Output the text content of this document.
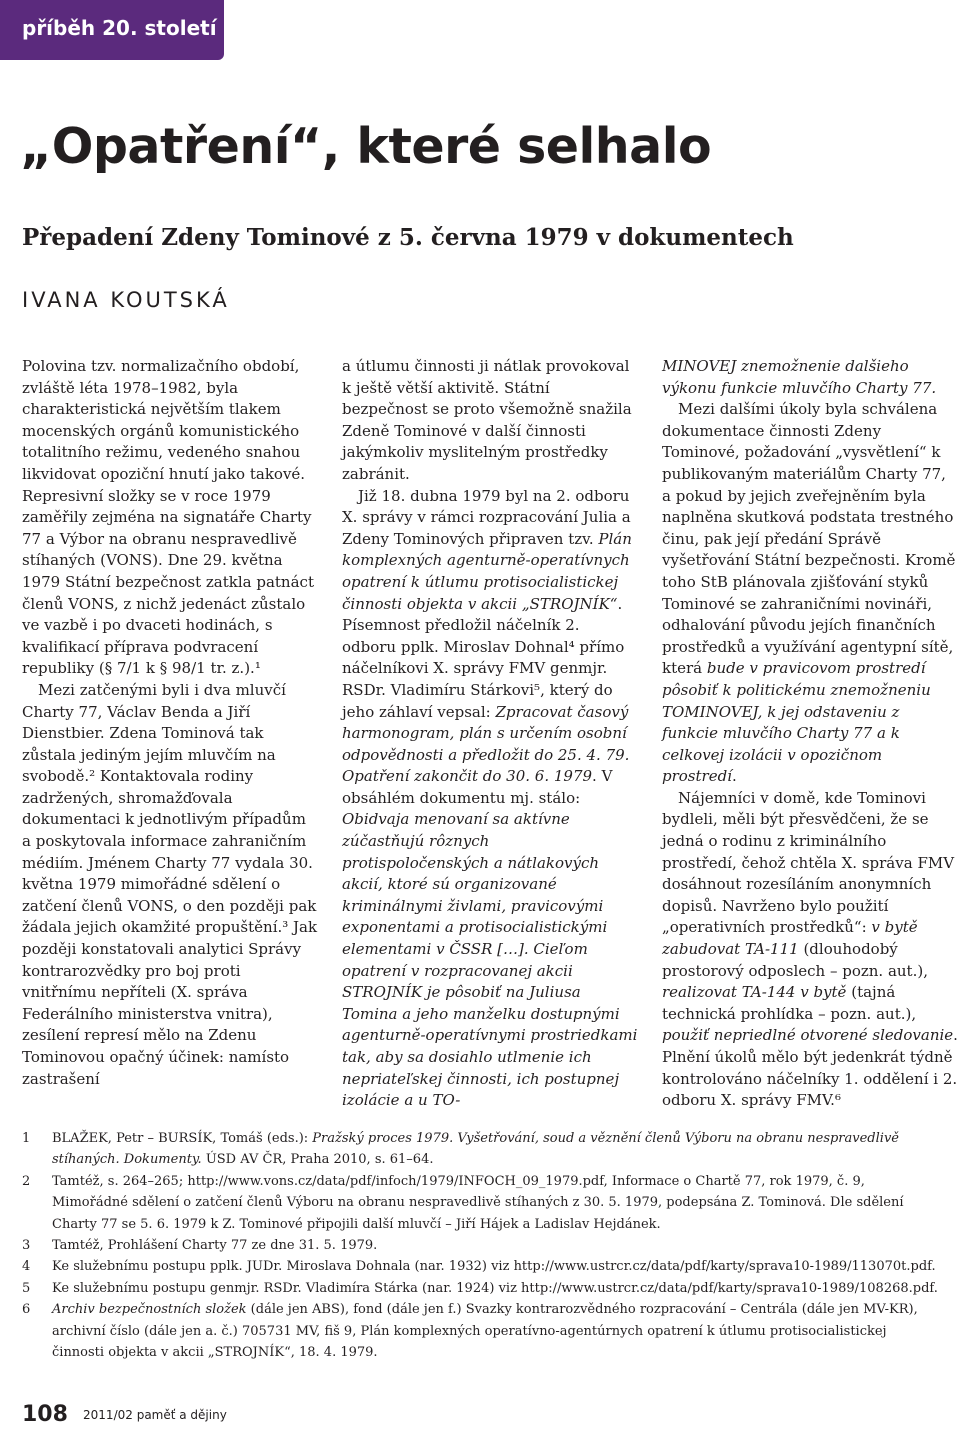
příběh 20. století
„Opatření“, které selhalo
Přepadení Zdeny Tominové z 5. června 1979 v dokumentech
IVANA KOUTSKÁ

Polovina tzv. normalizačního období, zvláště léta 1978–1982, byla charakteristická největším tlakem mocenských orgánů komunistického totalitního režimu, vedeného snahou likvidovat opoziční hnutí jako takové. Represivní složky se v roce 1979 zaměřily zejména na signatáře Charty 77 a Výbor na obranu nespravedlivě stíhaných (VONS). Dne 29. května 1979 Státní bezpečnost zatkla patnáct členů VONS, z nichž jedenáct zůstalo ve vazbě i po dvaceti hodinách, s kvalifikací příprava podvracení republiky (§ 7/1 k § 98/1 tr. z.).¹

Mezi zatčenými byli i dva mluvčí Charty 77, Václav Benda a Jiří Dienstbier. Zdena Tominová tak zůstala jediným jejím mluvčím na svobodě.² Kontaktovala rodiny zadržených, shromažďovala dokumentaci k jednotlivým případům a poskytovala informace zahraničním médiím. Jménem Charty 77 vydala 30. května 1979 mimořádné sdělení o zatčení členů VONS, o den později pak žádala jejich okamžité propuštění.³ Jak později konstatovali analytici Správy kontrarozvědky pro boj proti vnitřnímu nepříteli (X. správa Federálního ministerstva vnitra), zesílení represí mělo na Zdenu Tominovou opačný účinek: namísto zastrašení

a útlumu činnosti ji nátlak provokoval k ještě větší aktivitě. Státní bezpečnost se proto všemožně snažila Zdeně Tominové v další činnosti jakýmkoliv myslitelným prostředky zabránit.

Již 18. dubna 1979 byl na 2. odboru X. správy v rámci rozpracování Julia a Zdeny Tominových připraven tzv. Plán komplexných agenturně-operatívnych opatrení k útlumu protisocialistickej činnosti objekta v akcii „STROJNÍK“. Písemnost předložil náčelník 2. odboru pplk. Miroslav Dohnal⁴ přímo náčelníkovi X. správy FMV genmjr. RSDr. Vladimíru Stárkovi⁵, který do jeho záhlaví vepsal: Zpracovat časový harmonogram, plán s určením osobní odpovědnosti a předložit do 25. 4. 79. Opatření zakončit do 30. 6. 1979. V obsáhlém dokumentu mj. stálo: Obidvaja menovaní sa aktívne zúčastňujú rôznych protispoločenských a nátlakových akcií, ktoré sú organizované kriminálnymi živlami, pravicovými exponentami a protisocialistickými elementami v ČSSR […]. Cieľom opatrení v rozpracovanej akcii STROJNÍK je pôsobiť na Juliusa Tomina a jeho manželku dostupnými agenturně-operatívnymi prostriedkami tak, aby sa dosiahlo utlmenie ich nepriateľskej činnosti, ich postupnej izolácie a u TO-

MINOVEJ znemožnenie dalšieho výkonu funkcie mluvčího Charty 77.

Mezi dalšími úkoly byla schválena dokumentace činnosti Zdeny Tominové, požadování „vysvětlení“ k publikovaným materiálům Charty 77, a pokud by jejich zveřejněním byla naplněna skutková podstata trestného činu, pak její předání Správě vyšetřování Státní bezpečnosti. Kromě toho StB plánovala zjišťování styků Tominové se zahraničními novináři, odhalování původu jejích finančních prostředků a využívání agentурní sítě, která bude v pravicovom prostredí pôsobiť k politickému znemožneniu TOMINOVEJ, k jej odstaveniu z funkcie mluvčího Charty 77 a k celkovej izolácii v opozičnom prostredí.

Nájemníci v domě, kde Tominovi bydleli, měli být přesvědčeni, že se jedná o rodinu z kriminálního prostředí, čehož chtěla X. správa FMV dosáhnout rozesíláním anonymních dopisů. Navrženo bylo použití „operativních prostředků“: v bytě zabudovat TA-111 (dlouhodobý prostorový odposlech – pozn. aut.), realizovat TA-144 v bytě (tajná technická prohlídka – pozn. aut.), použiť nepriedlné otvorené sledovanie. Plnění úkolů mělo být jedenkrát týdně kontrolováno náčelníky 1. oddělení i 2. odboru X. správy FMV.⁶

1 BLAŽEK, Petr – BURSÍK, Tomáš (eds.): Pražský proces 1979. Vyšetřování, soud a věznění členů Výboru na obranu nespravedlivě stíhaných. Dokumenty. ÚSD AV ČR, Praha 2010, s. 61–64.
2 Tamtéž, s. 264–265; http://www.vons.cz/data/pdf/infoch/1979/INFOCH_09_1979.pdf, Informace o Chartě 77, rok 1979, č. 9, Mimořádné sdělení o zatčení členů Výboru na obranu nespravedlivě stíhaných z 30. 5. 1979, podepsána Z. Tominová. Dle sdělení Charty 77 se 5. 6. 1979 k Z. Tominové připojili další mluvčí – Jiří Hájek a Ladislav Hejdánek.
3 Tamtéž, Prohlášení Charty 77 ze dne 31. 5. 1979.
4 Ke služebnímu postupu pplk. JUDr. Miroslava Dohnala (nar. 1932) viz http://www.ustrcr.cz/data/pdf/karty/sprava10-1989/113070t.pdf.
5 Ke služebnímu postupu genmjr. RSDr. Vladimíra Stárka (nar. 1924) viz http://www.ustrcr.cz/data/pdf/karty/sprava10-1989/108268.pdf.
6 Archiv bezpečnostních složek (dále jen ABS), fond (dále jen f.) Svazky kontrarozvědného rozpracování – Centrála (dále jen MV-KR), archivní číslo (dále jen a. č.) 705731 MV, fiš 9, Plán komplexných operatívno-agentúrnych opatrení k útlumu protisocialistickej činnosti objekta v akcii „STROJNÍK“, 18. 4. 1979.
108 2011/02 paměť a dějiny
